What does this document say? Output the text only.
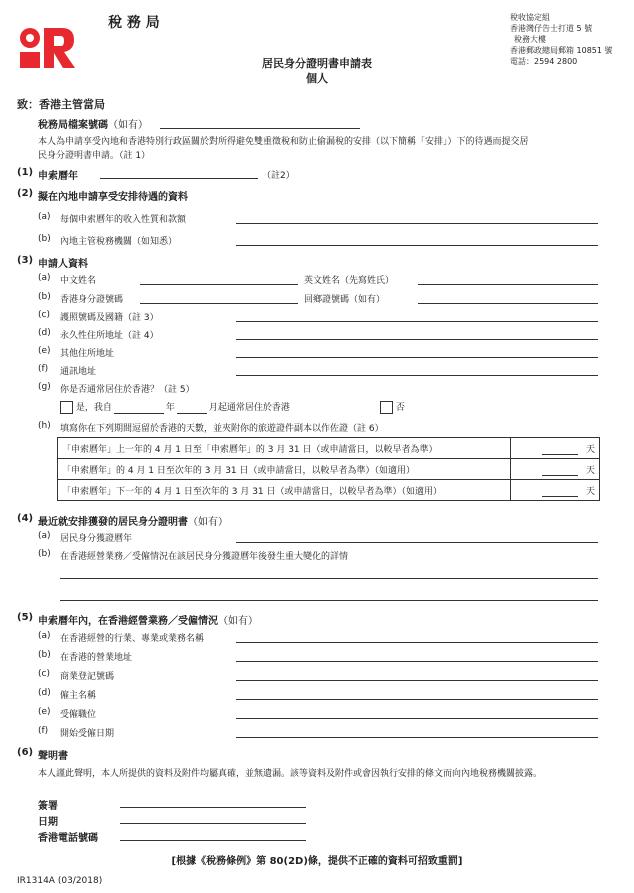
稅 務 局	稅收協定組
香港灣仔告士打道 5 號
稅務大樓
香港郵政總局郵箱 10851 號
電話：2594 2800
居民身分證明書申請表
個人
致：香港主管當局
稅務局檔案號碼（如有）
本人為申請享受內地和香港特別行政區關於對所得避免雙重徵稅和防止偷漏稅的安排（以下簡稱「安排」）下的待遇而提交居
民身分證明書申請。（註 1）
(1) 申索曆年	（註2）
(2) 擬在內地申請享受安排待遇的資料
(a) 每個申索曆年的收入性質和款額
(b) 內地主管稅務機關（如知悉）
(3) 申請人資料
(a) 中文姓名	英文姓名（先寫姓氏）
(b) 香港身分證號碼	回鄉證號碼（如有）
(c) 護照號碼及國籍（註 3）
(d) 永久性住所地址（註 4）
(e) 其他住所地址
(f) 通訊地址
(g) 你是否通常居住於香港？（註 5）
是，我自	年	月起通常居住於香港	否
(h) 填寫你在下列期間逗留於香港的天數，並夾附你的旅遊證件副本以作佐證（註 6）
「申索曆年」上一年的 4 月 1 日至「申索曆年」的 3 月 31 日（或申請當日，以較早者為準）	天
「申索曆年」的 4 月 1 日至次年的 3 月 31 日（或申請當日，以較早者為準）（如適用）	天
「申索曆年」下一年的 4 月 1 日至次年的 3 月 31 日（或申請當日，以較早者為準）（如適用）	天
(4) 最近就安排獲發的居民身分證明書（如有）
(a) 居民身分獲證曆年
(b) 在香港經營業務／受僱情況在該居民身分獲證曆年後發生重大變化的詳情
(5) 申索曆年內，在香港經營業務／受僱情況（如有）
(a) 在香港經營的行業、專業或業務名稱
(b) 在香港的營業地址
(c) 商業登記號碼
(d) 僱主名稱
(e) 受僱職位
(f) 開始受僱日期
(6) 聲明書
本人謹此聲明，本人所提供的資料及附件均屬真確，並無遺漏。該等資料及附件或會因執行安排的條文而向內地稅務機關披露。
簽署
日期
香港電話號碼
[根據《稅務條例》第 80(2D)條，提供不正確的資料可招致重罰]
IR1314A (03/2018)
